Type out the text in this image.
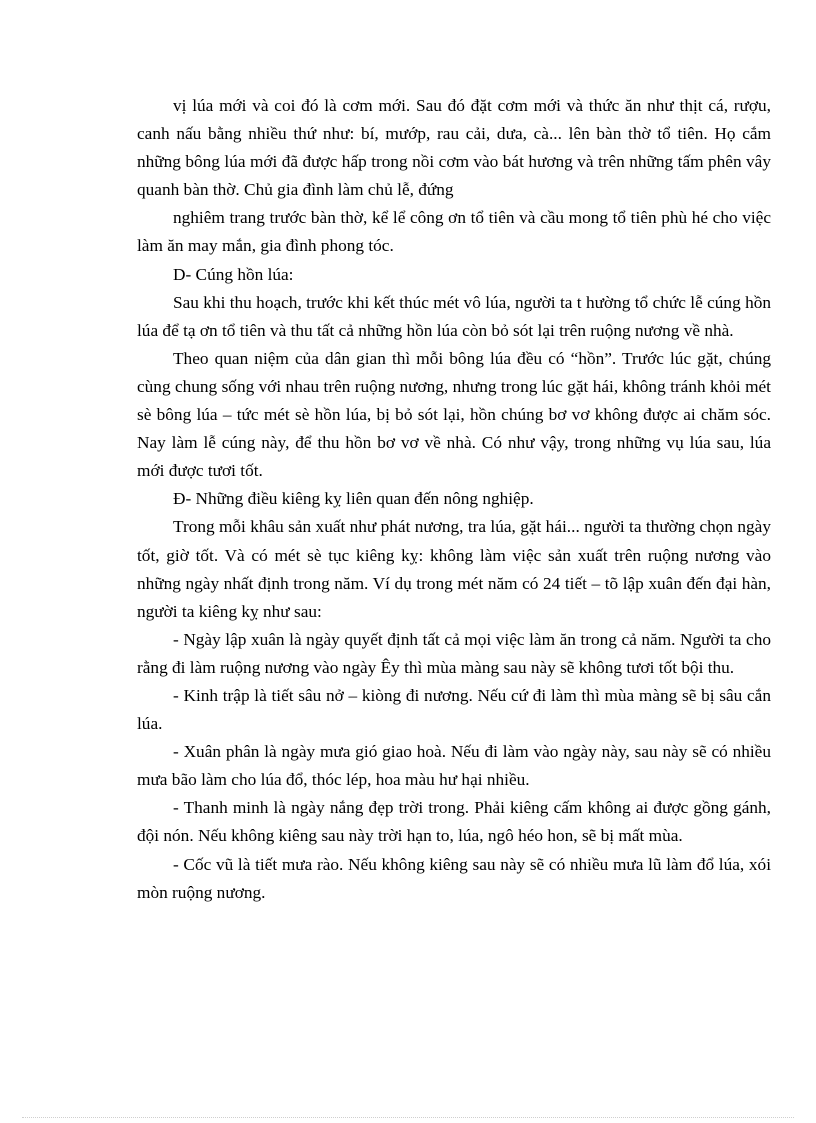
vị lúa mới và coi đó là cơm mới. Sau đó đặt cơm mới và thức ăn như thịt cá, rượu, canh nấu bằng nhiều thứ như: bí, mướp, rau cải, dưa, cà... lên bàn thờ tổ tiên. Họ cắm những bông lúa mới đã được hấp trong nồi cơm vào bát hương và trên những tấm phên vây quanh bàn thờ. Chủ gia đình làm chủ lễ, đứng

nghiêm trang trước bàn thờ, kể lể công ơn tổ tiên và cầu mong tổ tiên phù hé cho việc làm ăn may mắn, gia đình phong tóc.

D- Cúng hồn lúa:

Sau khi thu hoạch, trước khi kết thúc mét vô lúa, người ta t hường tổ chức lễ cúng hồn lúa để tạ ơn tổ tiên và thu tất cả những hồn lúa còn bỏ sót lại trên ruộng nương về nhà.

Theo quan niệm của dân gian thì mỗi bông lúa đều có “hồn”. Trước lúc gặt, chúng cùng chung sống với nhau trên ruộng nương, nhưng trong lúc gặt hái, không tránh khỏi mét sè bông lúa – tức mét sè hồn lúa, bị bỏ sót lại, hồn chúng bơ vơ không được ai chăm sóc. Nay làm lễ cúng này, để thu hồn bơ vơ về nhà. Có như vậy, trong những vụ lúa sau, lúa mới được tươi tốt.

Đ- Những điều kiêng kỵ liên quan đến nông nghiệp.

Trong mỗi khâu sản xuất như phát nương, tra lúa, gặt hái... người ta thường chọn ngày tốt, giờ tốt. Và có mét sè tục kiêng kỵ: không làm việc sản xuất trên ruộng nương vào những ngày nhất định trong năm. Ví dụ trong mét năm có 24 tiết – tõ lập xuân đến đại hàn, người ta kiêng kỵ như sau:

- Ngày lập xuân là ngày quyết định tất cả mọi việc làm ăn trong cả năm. Người ta cho rằng đi làm ruộng nương vào ngày Êy thì mùa màng sau này sẽ không tươi tốt bội thu.

- Kinh trập là tiết sâu nở – kiòng đi nương. Nếu cứ đi làm thì mùa màng sẽ bị sâu cắn lúa.

- Xuân phân là ngày mưa gió giao hoà. Nếu đi làm vào ngày này, sau này sẽ có nhiều mưa bão làm cho lúa đổ, thóc lép, hoa màu hư hại nhiều.

- Thanh minh là ngày nắng đẹp trời trong. Phải kiêng cấm không ai được gồng gánh, đội nón. Nếu không kiêng sau này trời hạn to, lúa, ngô héo hon, sẽ bị mất mùa.

- Cốc vũ là tiết mưa rào. Nếu không kiêng sau này sẽ có nhiều mưa lũ làm đổ lúa, xói mòn ruộng nương.
